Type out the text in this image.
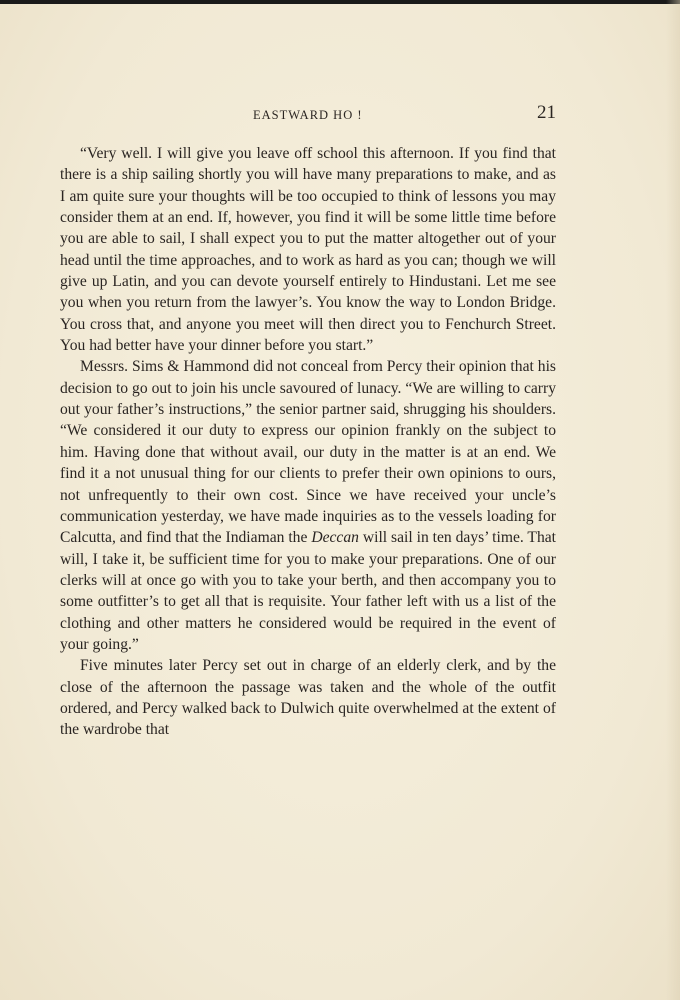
EASTWARD HO !	21

“Very well. I will give you leave off school this afternoon. If you find that there is a ship sailing shortly you will have many preparations to make, and as I am quite sure your thoughts will be too occupied to think of lessons you may consider them at an end. If, however, you find it will be some little time before you are able to sail, I shall expect you to put the matter altogether out of your head until the time approaches, and to work as hard as you can; though we will give up Latin, and you can devote yourself entirely to Hindustani. Let me see you when you return from the lawyer’s. You know the way to London Bridge. You cross that, and anyone you meet will then direct you to Fenchurch Street. You had better have your dinner before you start.”

Messrs. Sims & Hammond did not conceal from Percy their opinion that his decision to go out to join his uncle savoured of lunacy. “We are willing to carry out your father’s instructions,” the senior partner said, shrugging his shoulders. “We considered it our duty to express our opinion frankly on the subject to him. Having done that without avail, our duty in the matter is at an end. We find it a not unusual thing for our clients to prefer their own opinions to ours, not unfrequently to their own cost. Since we have received your uncle’s communication yesterday, we have made inquiries as to the vessels loading for Calcutta, and find that the Indiaman the Deccan will sail in ten days’ time. That will, I take it, be sufficient time for you to make your preparations. One of our clerks will at once go with you to take your berth, and then accompany you to some outfitter’s to get all that is requisite. Your father left with us a list of the clothing and other matters he considered would be required in the event of your going.”

Five minutes later Percy set out in charge of an elderly clerk, and by the close of the afternoon the passage was taken and the whole of the outfit ordered, and Percy walked back to Dulwich quite overwhelmed at the extent of the wardrobe that
